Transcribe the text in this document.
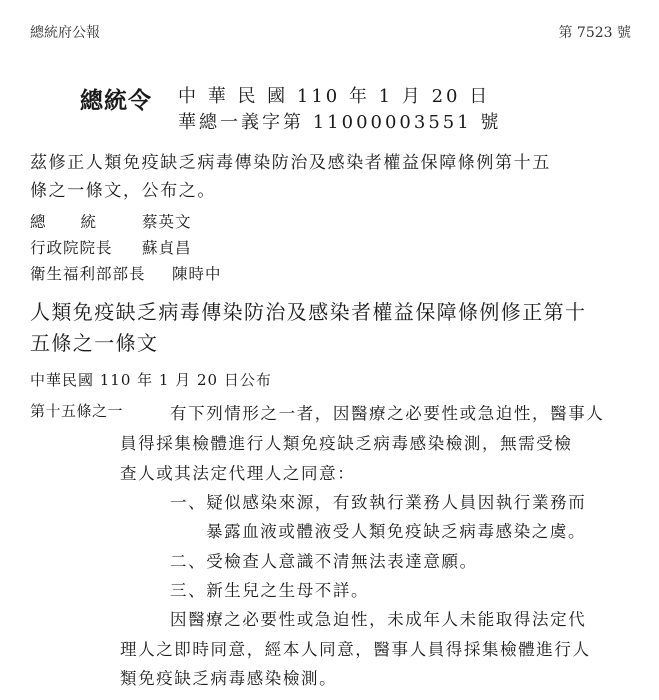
總統府公報	第 7523 號
總統令 中 華 民 國 110 年 1 月 20 日
華總一義字第 11000003551 號
茲修正人類免疫缺乏病毒傳染防治及感染者權益保障條例第十五
條之一條文，公布之。
總統 蔡英文
行政院院長 蘇貞昌
衛生福利部部長 陳時中
人類免疫缺乏病毒傳染防治及感染者權益保障條例修正第十
五條之一條文
中華民國 110 年 1 月 20 日公布
第十五條之一	有下列情形之一者，因醫療之必要性或急迫性，醫事人
員得採集檢體進行人類免疫缺乏病毒感染檢測，無需受檢
查人或其法定代理人之同意：
一、疑似感染來源，有致執行業務人員因執行業務而
暴露血液或體液受人類免疫缺乏病毒感染之虞。
二、受檢查人意識不清無法表達意願。
三、新生兒之生母不詳。
因醫療之必要性或急迫性，未成年人未能取得法定代
理人之即時同意，經本人同意，醫事人員得採集檢體進行人
類免疫缺乏病毒感染檢測。
